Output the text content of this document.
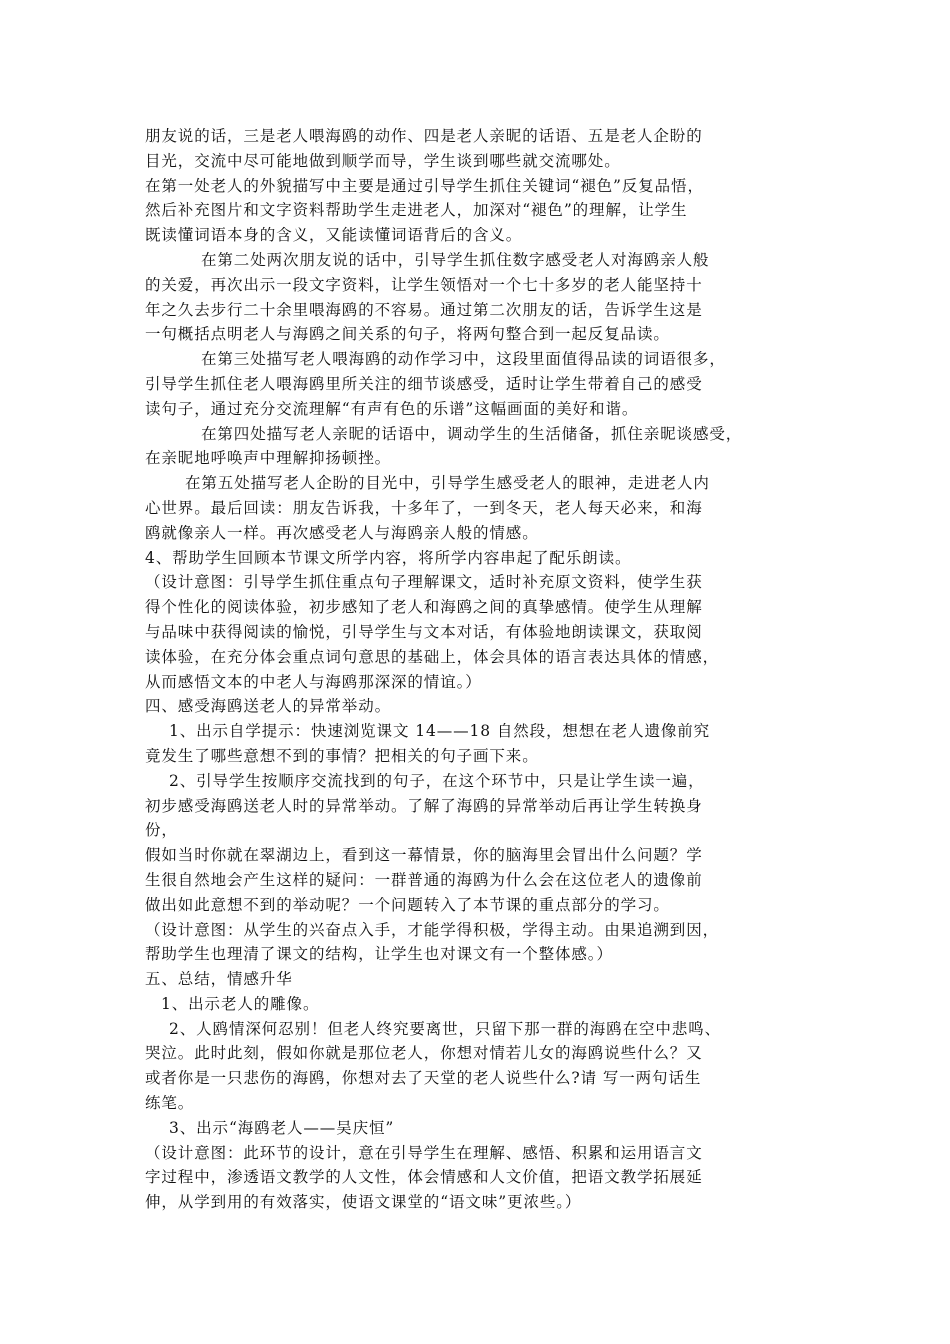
朋友说的话，三是老人喂海鸥的动作、四是老人亲昵的话语、五是老人企盼的
目光，交流中尽可能地做到顺学而导，学生谈到哪些就交流哪处。
在第一处老人的外貌描写中主要是通过引导学生抓住关键词“褪色”反复品悟，
然后补充图片和文字资料帮助学生走进老人，加深对“褪色”的理解，让学生
既读懂词语本身的含义，又能读懂词语背后的含义。
在第二处两次朋友说的话中，引导学生抓住数字感受老人对海鸥亲人般
的关爱，再次出示一段文字资料，让学生领悟对一个七十多岁的老人能坚持十
年之久去步行二十余里喂海鸥的不容易。通过第二次朋友的话，告诉学生这是
一句概括点明老人与海鸥之间关系的句子，将两句整合到一起反复品读。
在第三处描写老人喂海鸥的动作学习中，这段里面值得品读的词语很多，
引导学生抓住老人喂海鸥里所关注的细节谈感受，适时让学生带着自己的感受
读句子，通过充分交流理解“有声有色的乐谱”这幅画面的美好和谐。
在第四处描写老人亲昵的话语中，调动学生的生活储备，抓住亲昵谈感受，
在亲昵地呼唤声中理解抑扬顿挫。
在第五处描写老人企盼的目光中，引导学生感受老人的眼神，走进老人内
心世界。最后回读：朋友告诉我，十多年了，一到冬天，老人每天必来，和海
鸥就像亲人一样。再次感受老人与海鸥亲人般的情感。
4、帮助学生回顾本节课文所学内容，将所学内容串起了配乐朗读。
（设计意图：引导学生抓住重点句子理解课文，适时补充原文资料，使学生获
得个性化的阅读体验，初步感知了老人和海鸥之间的真挚感情。使学生从理解
与品味中获得阅读的愉悦，引导学生与文本对话，有体验地朗读课文，获取阅
读体验，在充分体会重点词句意思的基础上，体会具体的语言表达具体的情感，
从而感悟文本的中老人与海鸥那深深的情谊。）
四、感受海鸥送老人的异常举动。
1、出示自学提示：快速浏览课文 14——18 自然段，想想在老人遗像前究
竟发生了哪些意想不到的事情？把相关的句子画下来。
2、引导学生按顺序交流找到的句子，在这个环节中，只是让学生读一遍，
初步感受海鸥送老人时的异常举动。了解了海鸥的异常举动后再让学生转换身
份，
假如当时你就在翠湖边上，看到这一幕情景，你的脑海里会冒出什么问题？学
生很自然地会产生这样的疑问：一群普通的海鸥为什么会在这位老人的遗像前
做出如此意想不到的举动呢？一个问题转入了本节课的重点部分的学习。
（设计意图：从学生的兴奋点入手，才能学得积极，学得主动。由果追溯到因，
帮助学生也理清了课文的结构，让学生也对课文有一个整体感。）
五、总结，情感升华
1、出示老人的雕像。
2、人鸥情深何忍别！但老人终究要离世，只留下那一群的海鸥在空中悲鸣、
哭泣。此时此刻，假如你就是那位老人，你想对情若儿女的海鸥说些什么？又
或者你是一只悲伤的海鸥，你想对去了天堂的老人说些什么?请 写一两句话生
练笔。
3、出示“海鸥老人——吴庆恒”
（设计意图：此环节的设计，意在引导学生在理解、感悟、积累和运用语言文
字过程中，渗透语文教学的人文性，体会情感和人文价值，把语文教学拓展延
伸，从学到用的有效落实，使语文课堂的“语文味”更浓些。）
